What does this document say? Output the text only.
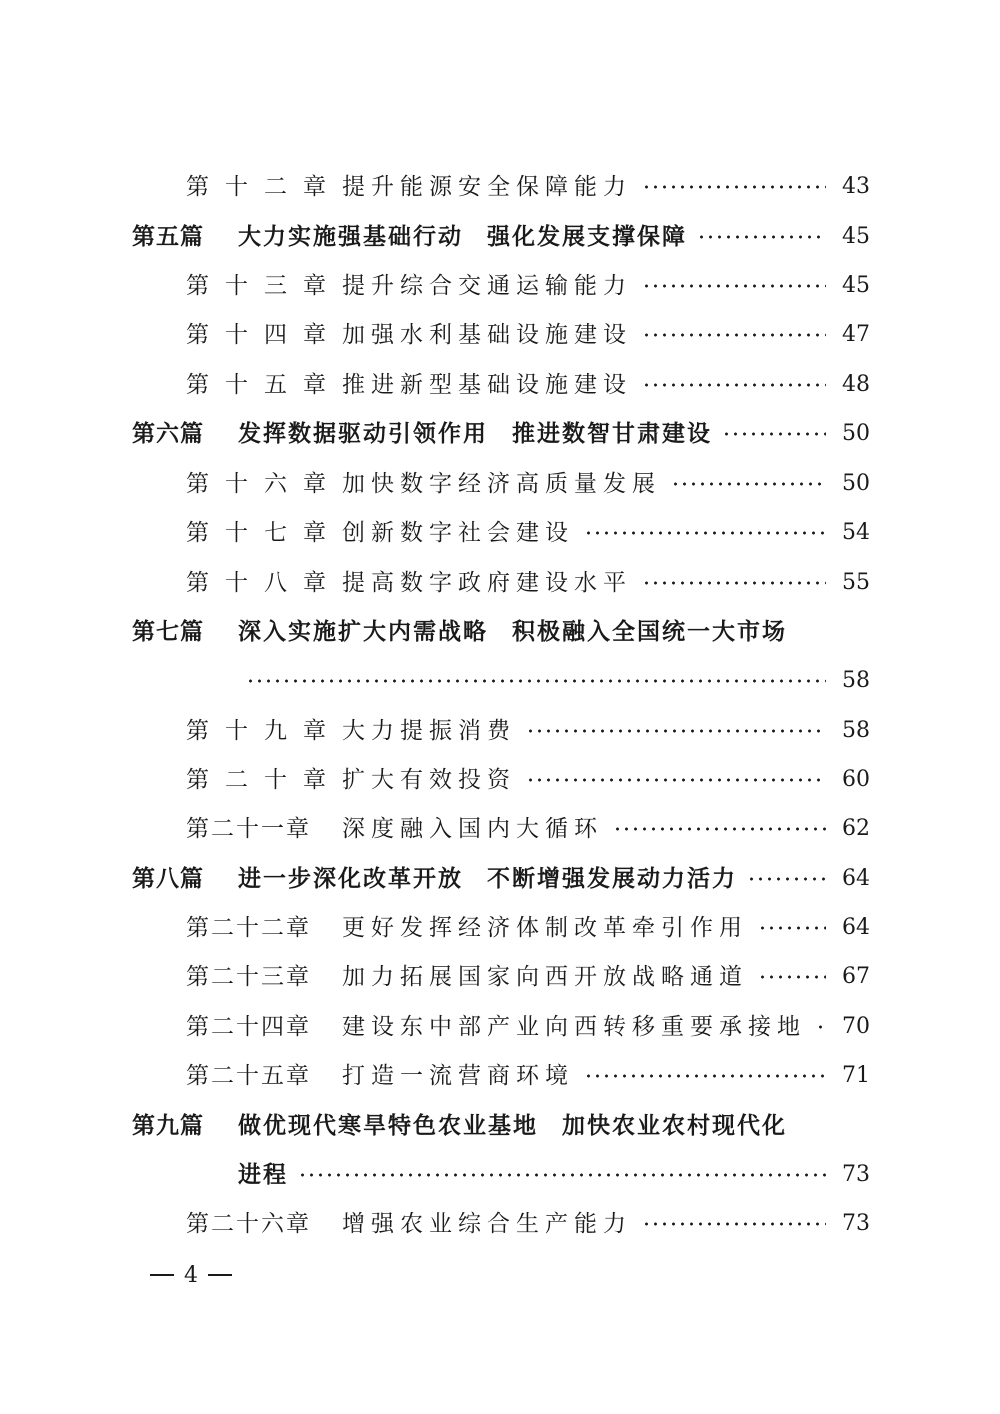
第十二章 提升能源安全保障能力	43
第五篇	大力实施强基础行动 强化发展支撑保障	45
第十三章 提升综合交通运输能力	45
第十四章 加强水利基础设施建设	47
第十五章 推进新型基础设施建设	48
第六篇	发挥数据驱动引领作用 推进数智甘肃建设	50
第十六章 加快数字经济高质量发展	50
第十七章 创新数字社会建设	54
第十八章 提高数字政府建设水平	55
第七篇	深入实施扩大内需战略 积极融入全国统一大市场
58
第十九章 大力提振消费	58
第二十章 扩大有效投资	60
第二十一章	深度融入国内大循环	62
第八篇	进一步深化改革开放 不断增强发展动力活力	64
第二十二章	更好发挥经济体制改革牵引作用	64
第二十三章	加力拓展国家向西开放战略通道	67
第二十四章	建设东中部产业向西转移重要承接地 70
第二十五章	打造一流营商环境	71
第九篇	做优现代寒旱特色农业基地 加快农业农村现代化
进程	73
第二十六章	增强农业综合生产能力	73
4
